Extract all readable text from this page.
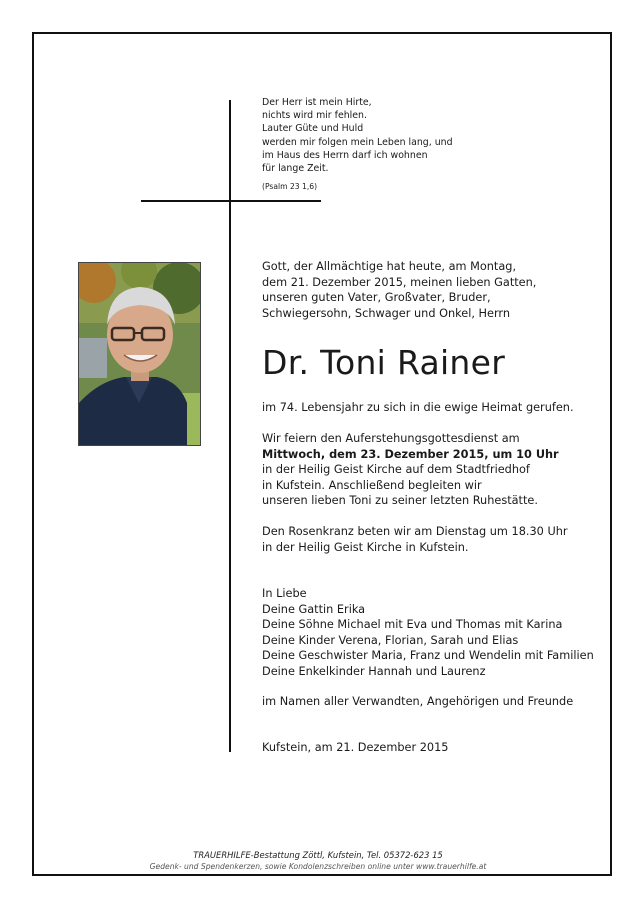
Der Herr ist mein Hirte,
nichts wird mir fehlen.
Lauter Güte und Huld
werden mir folgen mein Leben lang, und
im Haus des Herrn darf ich wohnen
für lange Zeit.
(Psalm 23 1,6)
Gott, der Allmächtige hat heute, am Montag,
dem 21. Dezember 2015, meinen lieben Gatten,
unseren guten Vater, Großvater, Bruder,
Schwiegersohn, Schwager und Onkel, Herrn
Dr. Toni Rainer
im 74. Lebensjahr zu sich in die ewige Heimat gerufen.
Wir feiern den Auferstehungsgottesdienst am
Mittwoch, dem 23. Dezember 2015, um 10 Uhr
in der Heilig Geist Kirche auf dem Stadtfriedhof
in Kufstein. Anschließend begleiten wir
unseren lieben Toni zu seiner letzten Ruhestätte.
Den Rosenkranz beten wir am Dienstag um 18.30 Uhr
in der Heilig Geist Kirche in Kufstein.
In Liebe
Deine Gattin Erika
Deine Söhne Michael mit Eva und Thomas mit Karina
Deine Kinder Verena, Florian, Sarah und Elias
Deine Geschwister Maria, Franz und Wendelin mit Familien
Deine Enkelkinder Hannah und Laurenz
im Namen aller Verwandten, Angehörigen und Freunde
Kufstein, am 21. Dezember 2015
TRAUERHILFE-Bestattung Zöttl, Kufstein, Tel. 05372-623 15
Gedenk- und Spendenkerzen, sowie Kondolenzschreiben online unter www.trauerhilfe.at
